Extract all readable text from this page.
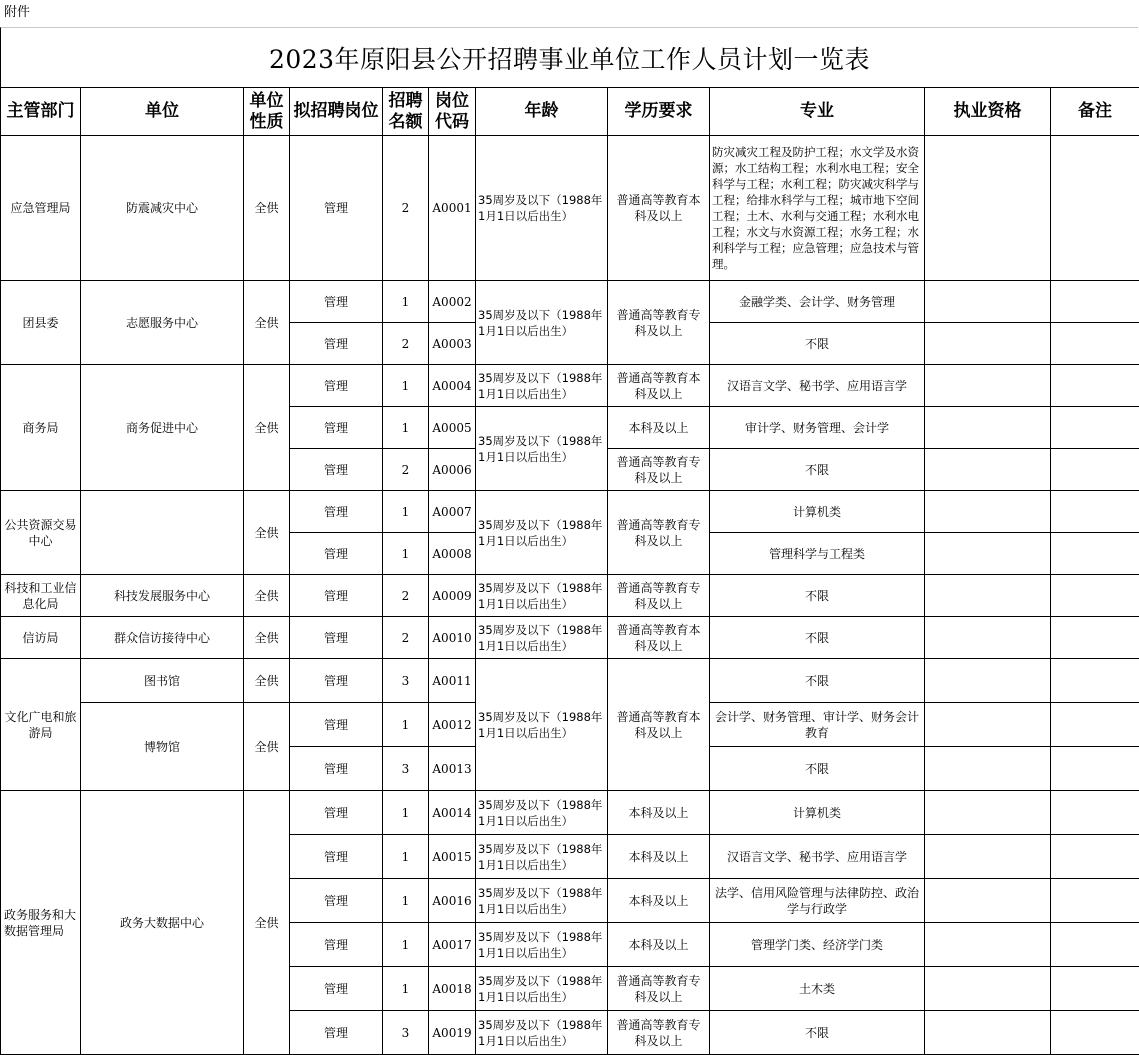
附件
2023年原阳县公开招聘事业单位工作人员计划一览表
主管部门	单位	单位性质	拟招聘岗位	招聘名额	岗位代码	年龄	学历要求	专业	执业资格	备注
应急管理局	防震减灾中心	全供	管理	2	A0001	35周岁及以下（1988年1月1日以后出生）	普通高等教育本科及以上	防灾减灾工程及防护工程；水文学及水资源；水工结构工程；水利水电工程；安全科学与工程；水利工程；防灾减灾科学与工程；给排水科学与工程；城市地下空间工程；土木、水利与交通工程；水利水电工程；水文与水资源工程；水务工程；水利科学与工程；应急管理；应急技术与管理。		
团县委	志愿服务中心	全供	管理	1	A0002	35周岁及以下（1988年1月1日以后出生）	普通高等教育专科及以上	金融学类、会计学、财务管理		
			管理	2	A0003			不限		
商务局	商务促进中心	全供	管理	1	A0004	35周岁及以下（1988年1月1日以后出生）	普通高等教育本科及以上	汉语言文学、秘书学、应用语言学		
			管理	1	A0005	35周岁及以下（1988年1月1日以后出生）	本科及以上	审计学、财务管理、会计学		
			管理	2	A0006		普通高等教育专科及以上	不限		
公共资源交易中心		全供	管理	1	A0007	35周岁及以下（1988年1月1日以后出生）	普通高等教育专科及以上	计算机类		
			管理	1	A0008			管理科学与工程类		
科技和工业信息化局	科技发展服务中心	全供	管理	2	A0009	35周岁及以下（1988年1月1日以后出生）	普通高等教育专科及以上	不限		
信访局	群众信访接待中心	全供	管理	2	A0010	35周岁及以下（1988年1月1日以后出生）	普通高等教育本科及以上	不限		
文化广电和旅游局	图书馆	全供	管理	3	A0011	35周岁及以下（1988年1月1日以后出生）	普通高等教育本科及以上	不限		
	博物馆	全供	管理	1	A0012			会计学、财务管理、审计学、财务会计教育		
			管理	3	A0013			不限		
政务服务和大数据管理局	政务大数据中心	全供	管理	1	A0014	35周岁及以下（1988年1月1日以后出生）	本科及以上	计算机类		
			管理	1	A0015	35周岁及以下（1988年1月1日以后出生）	本科及以上	汉语言文学、秘书学、应用语言学		
			管理	1	A0016	35周岁及以下（1988年1月1日以后出生）	本科及以上	法学、信用风险管理与法律防控、政治学与行政学		
			管理	1	A0017	35周岁及以下（1988年1月1日以后出生）	本科及以上	管理学门类、经济学门类		
			管理	1	A0018	35周岁及以下（1988年1月1日以后出生）	普通高等教育专科及以上	土木类		
			管理	3	A0019	35周岁及以下（1988年1月1日以后出生）	普通高等教育专科及以上	不限		
